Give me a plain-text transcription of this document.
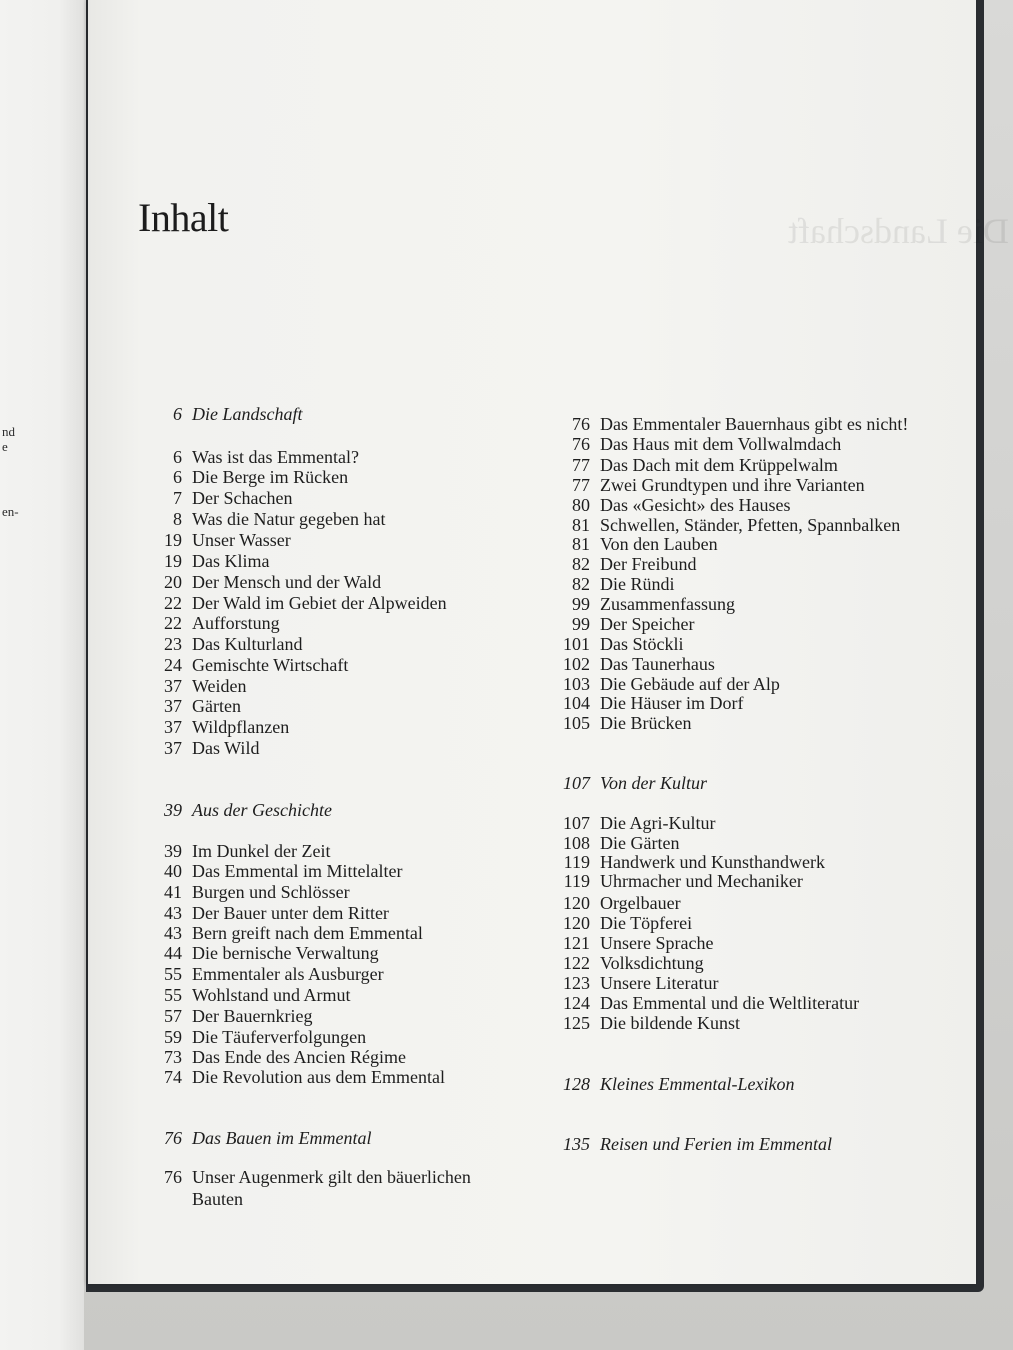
nd
e
en-
Die Landschaft
Inhalt
6 Die Landschaft
6 Was ist das Emmental?
6 Die Berge im Rücken
7 Der Schachen
8 Was die Natur gegeben hat
19 Unser Wasser
19 Das Klima
20 Der Mensch und der Wald
22 Der Wald im Gebiet der Alpweiden
22 Aufforstung
23 Das Kulturland
24 Gemischte Wirtschaft
37 Weiden
37 Gärten
37 Wildpflanzen
37 Das Wild
39 Aus der Geschichte
39 Im Dunkel der Zeit
40 Das Emmental im Mittelalter
41 Burgen und Schlösser
43 Der Bauer unter dem Ritter
43 Bern greift nach dem Emmental
44 Die bernische Verwaltung
55 Emmentaler als Ausburger
55 Wohlstand und Armut
57 Der Bauernkrieg
59 Die Täuferverfolgungen
73 Das Ende des Ancien Régime
74 Die Revolution aus dem Emmental
76 Das Bauen im Emmental
76 Unser Augenmerk gilt den bäuerlichen
Bauten
76 Das Emmentaler Bauernhaus gibt es nicht!
76 Das Haus mit dem Vollwalmdach
77 Das Dach mit dem Krüppelwalm
77 Zwei Grundtypen und ihre Varianten
80 Das «Gesicht» des Hauses
81 Schwellen, Ständer, Pfetten, Spannbalken
81 Von den Lauben
82 Der Freibund
82 Die Ründi
99 Zusammenfassung
99 Der Speicher
101 Das Stöckli
102 Das Taunerhaus
103 Die Gebäude auf der Alp
104 Die Häuser im Dorf
105 Die Brücken
107 Von der Kultur
107 Die Agri-Kultur
108 Die Gärten
119 Handwerk und Kunsthandwerk
119 Uhrmacher und Mechaniker
120 Orgelbauer
120 Die Töpferei
121 Unsere Sprache
122 Volksdichtung
123 Unsere Literatur
124 Das Emmental und die Weltliteratur
125 Die bildende Kunst
128 Kleines Emmental-Lexikon
135 Reisen und Ferien im Emmental
